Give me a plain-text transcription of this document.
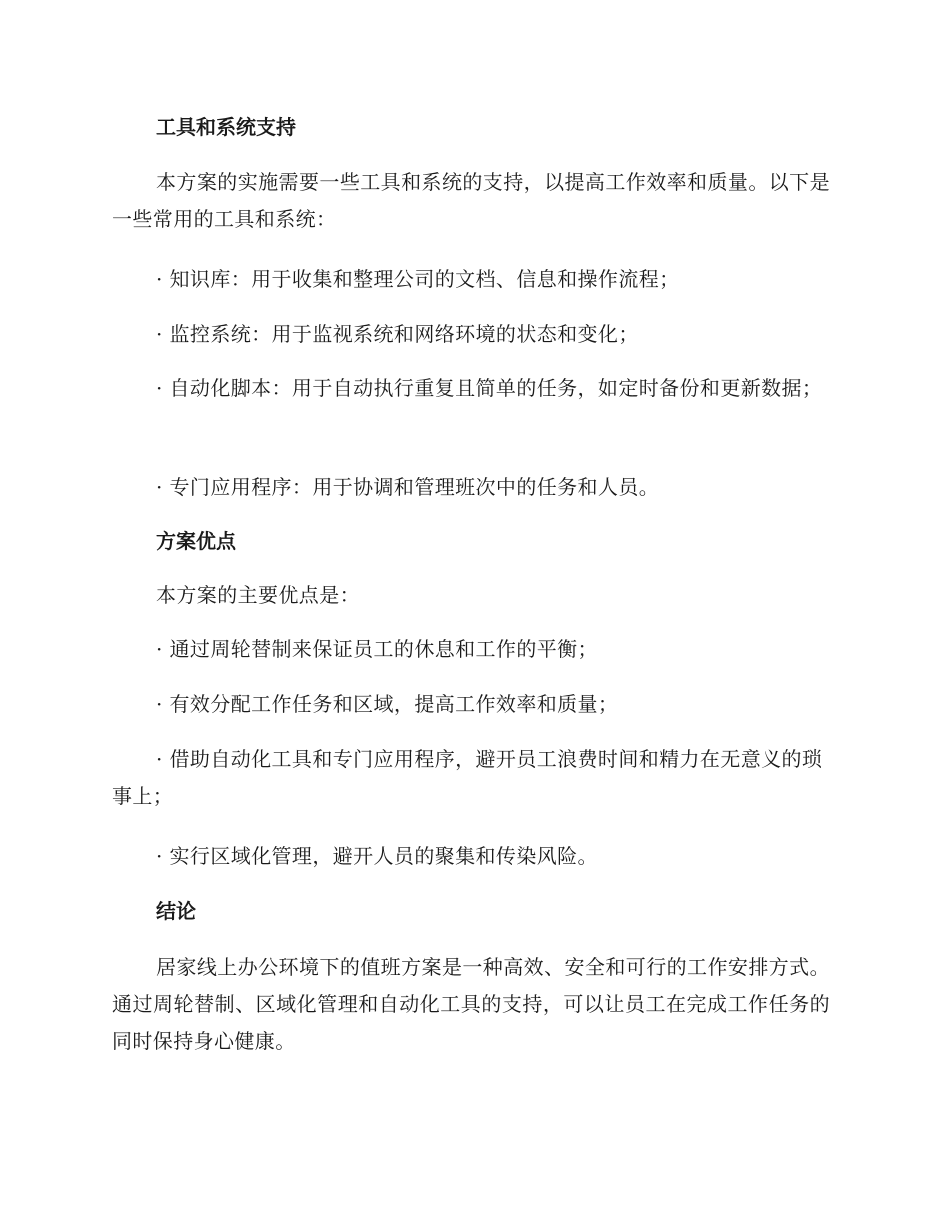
工具和系统支持

本方案的实施需要一些工具和系统的支持，以提高工作效率和质量。以下是一些常用的工具和系统：

· 知识库：用于收集和整理公司的文档、信息和操作流程；

· 监控系统：用于监视系统和网络环境的状态和变化；

· 自动化脚本：用于自动执行重复且简单的任务，如定时备份和更新数据；

· 专门应用程序：用于协调和管理班次中的任务和人员。

方案优点

本方案的主要优点是：

· 通过周轮替制来保证员工的休息和工作的平衡；

· 有效分配工作任务和区域，提高工作效率和质量；

· 借助自动化工具和专门应用程序，避开员工浪费时间和精力在无意义的琐事上；

· 实行区域化管理，避开人员的聚集和传染风险。

结论

居家线上办公环境下的值班方案是一种高效、安全和可行的工作安排方式。通过周轮替制、区域化管理和自动化工具的支持，可以让员工在完成工作任务的同时保持身心健康。
